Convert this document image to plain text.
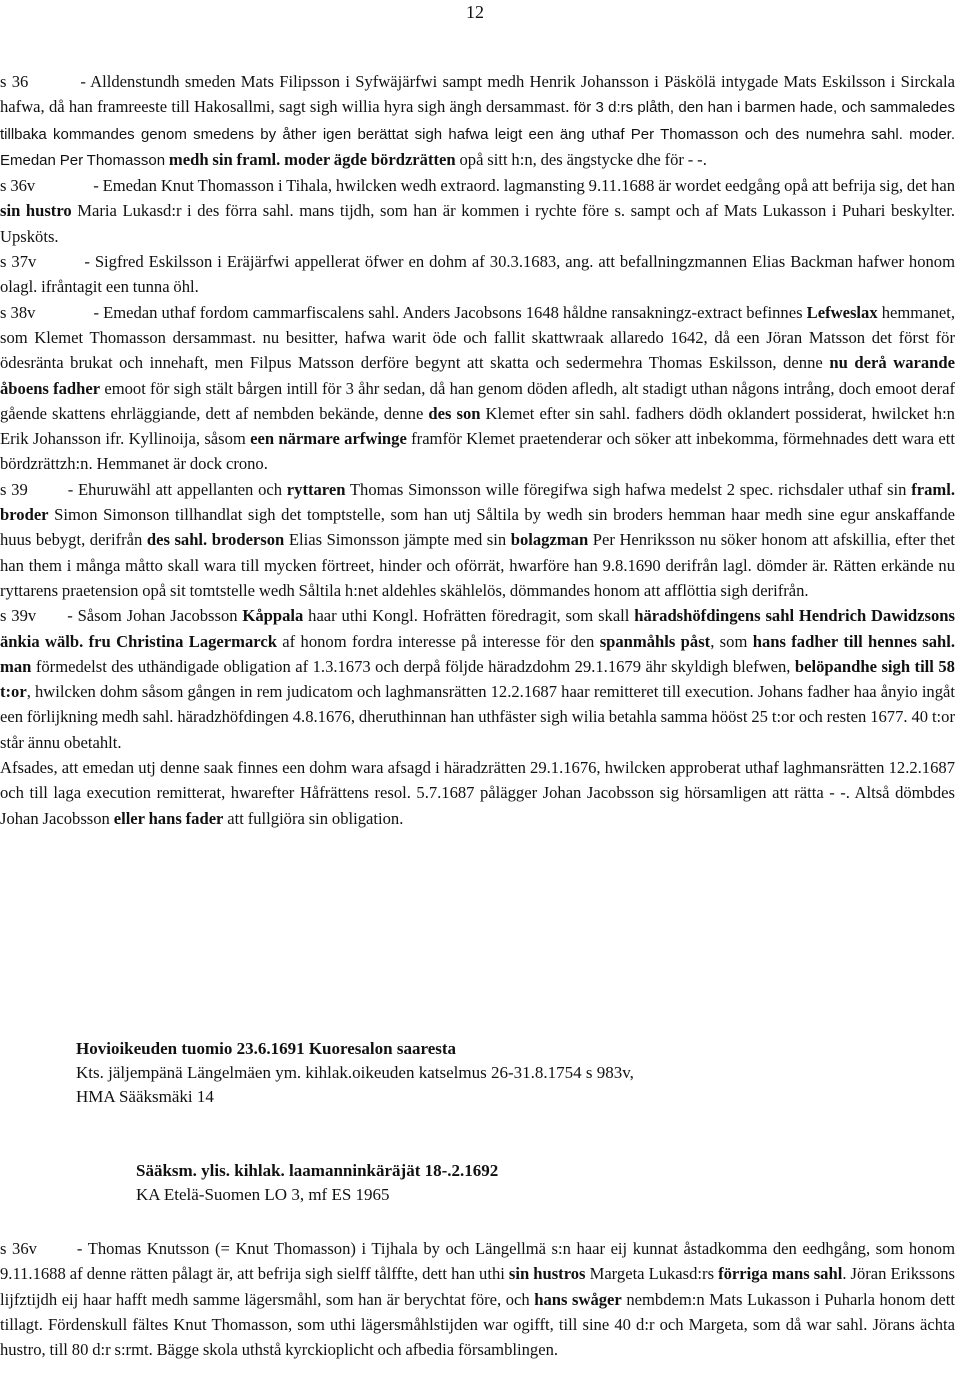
12

s 36	- Alldenstundh smeden Mats Filipsson i Syfwäjärfwi sampt medh Henrik Johansson i Päskölä intygade Mats Eskilsson i Sirckala hafwa, då han framreeste till Hakosallmi, sagt sigh willia hyra sigh ängh dersammast. för 3 d:rs plåth, den han i barmen hade, och sammaledes tillbaka kommandes genom smedens by åther igen berättat sigh hafwa leigt een äng uthaf Per Thomasson och des numehra sahl. moder. Emedan Per Thomasson medh sin framl. moder ägde bördzrätten opå sitt h:n, des ängstycke dhe för - -.

s 36v	- Emedan Knut Thomasson i Tihala, hwilcken wedh extraord. lagmansting 9.11.1688 är wordet eedgång opå att befrija sig, det han sin hustro Maria Lukasd:r i des förra sahl. mans tijdh, som han är kommen i rychte före s. sampt och af Mats Lukasson i Puhari beskylter. Upsköts.

s 37v	- Sigfred Eskilsson i Eräjärfwi appellerat öfwer en dohm af 30.3.1683, ang. att befallningzmannen Elias Backman hafwer honom olagl. ifråntagit een tunna öhl.

s 38v	- Emedan uthaf fordom cammarfiscalens sahl. Anders Jacobsons 1648 håldne ransakningz-extract befinnes Lefweslax hemmanet, som Klemet Thomasson dersammast. nu besitter, hafwa warit öde och fallit skattwraak allaredo 1642, då een Jöran Matsson det först för ödesränta brukat och innehaft, men Filpus Matsson derföre begynt att skatta och sedermehra Thomas Eskilsson, denne nu derå warande åboens fadher emoot för sigh stält bårgen intill för 3 åhr sedan, då han genom döden afledh, alt stadigt uthan någons intrång, doch emoot deraf gående skattens ehrläggiande, dett af nembden bekände, denne des son Klemet efter sin sahl. fadhers dödh oklandert possiderat, hwilcket h:n Erik Johansson ifr. Kyllinoija, såsom een närmare arfwinge framför Klemet praetenderar och söker att inbekomma, förmehnades dett wara ett bördzrättzh:n. Hemmanet är dock crono.

s 39 - Ehuruwähl att appellanten och ryttaren Thomas Simonsson wille föregifwa sigh hafwa medelst 2 spec. richsdaler uthaf sin framl. broder Simon Simonson tillhandlat sigh det tomptstelle, som han utj Såltila by wedh sin broders hemman haar medh sine egur anskaffande huus bebygt, derifrån des sahl. broderson Elias Simonsson jämpte med sin bolagzman Per Henriksson nu söker honom att afskillia, efter thet han them i många måtto skall wara till mycken förtreet, hinder och oförrät, hwarföre han 9.8.1690 derifrån lagl. dömder är. Rätten erkände nu ryttarens praetension opå sit tomtstelle wedh Såltila h:net aldehles skählelös, dömmandes honom att afflöttia sigh derifrån.

s 39v - Såsom Johan Jacobsson Kåppala haar uthi Kongl. Hofrätten föredragit, som skall häradshöfdingens sahl Hendrich Dawidzsons änkia wälb. fru Christina Lagermarck af honom fordra interesse på interesse för den spanmåhls påst, som hans fadher till hennes sahl. man förmedelst des uthändigade obligation af 1.3.1673 och derpå följde häradzdohm 29.1.1679 ähr skyldigh blefwen, belöpandhe sigh till 58 t:or, hwilcken dohm såsom gången in rem judicatom och laghmansrätten 12.2.1687 haar remitteret till execution. Johans fadher haa ånyio ingåt een förlijkning medh sahl. häradzhöfdingen 4.8.1676, dheruthinnan han uthfäster sigh wilia betahla samma hööst 25 t:or och resten 1677. 40 t:or står ännu obetahlt.

Afsades, att emedan utj denne saak finnes een dohm wara afsagd i häradzrätten 29.1.1676, hwilcken approberat uthaf laghmansrätten 12.2.1687 och till laga execution remitterat, hwarefter Håfrättens resol. 5.7.1687 pålägger Johan Jacobsson sig hörsamligen att rätta - -. Altså dömbdes Johan Jacobsson eller hans fader att fullgiöra sin obligation.

Hovioikeuden tuomio 23.6.1691 Kuoresalon saaresta
Kts. jäljempänä Längelmäen ym. kihlak.oikeuden katselmus 26-31.8.1754 s 983v,
HMA Sääksmäki 14
Sääksm. ylis. kihlak. laamanninkäräjät 18-.2.1692
KA Etelä-Suomen LO 3, mf ES 1965

s 36v - Thomas Knutsson (= Knut Thomasson) i Tijhala by och Längellmä s:n haar eij kunnat åstadkomma den eedhgång, som honom 9.11.1688 af denne rätten pålagt är, att befrija sigh sielff tålffte, dett han uthi sin hustros Margeta Lukasd:rs förriga mans sahl. Jöran Erikssons lijfztijdh eij haar hafft medh samme lägersmåhl, som han är berychtat före, och hans swåger nembdem:n Mats Lukasson i Puharla honom dett tillagt. Fördenskull fältes Knut Thomasson, som uthi lägersmåhlstijden war ogifft, till sine 40 d:r och Margeta, som då war sahl. Jörans ächta hustro, till 80 d:r s:rmt. Bägge skola uthstå kyrckioplicht och afbedia församblingen.
